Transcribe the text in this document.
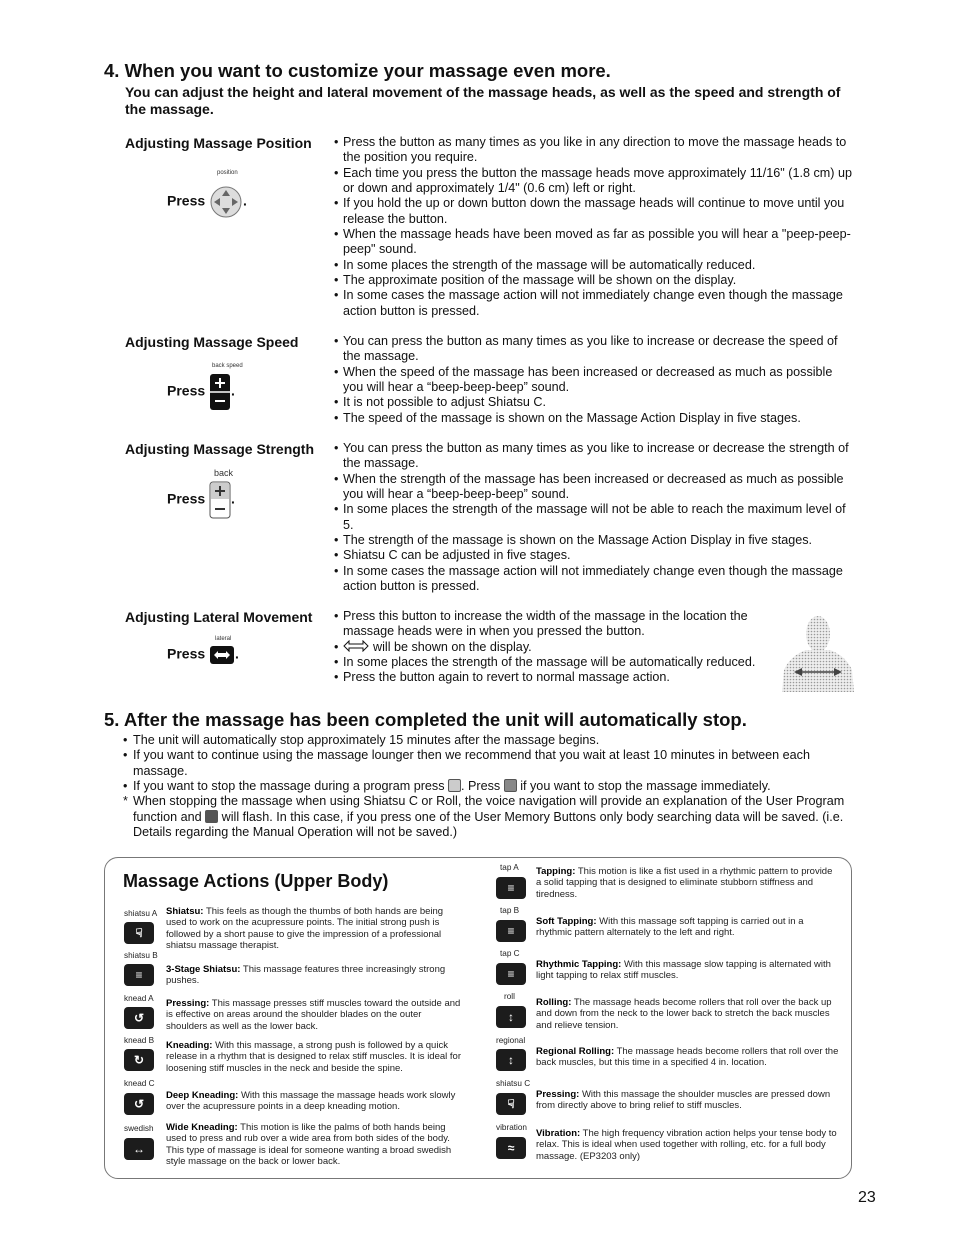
4. When you want to customize your massage even more.

You can adjust the height and lateral movement of the massage heads, as well as the speed and strength of the massage.

Adjusting Massage Position
position
Press	.
• Press the button as many times as you like in any direction to move the massage heads to the position you require.
• Each time you press the button the massage heads move approximately 11/16" (1.8 cm) up or down and approximately 1/4" (0.6 cm) left or right.
• If you hold the up or down button down the massage heads will continue to move until you release the button.
• When the massage heads have been moved as far as possible you will hear a "peep-peep-peep" sound.
• In some places the strength of the massage will be automatically reduced.
• The approximate position of the massage will be shown on the display.
• In some cases the massage action will not immediately change even though the massage action button is pressed.
Adjusting Massage Speed
back speed
Press .
• You can press the button as many times as you like to increase or decrease the speed of the massage.
• When the speed of the massage has been increased or decreased as much as possible you will hear a “beep-beep-beep” sound.
• It is not possible to adjust Shiatsu C.
• The speed of the massage is shown on the Massage Action Display in five stages.
Adjusting Massage Strength
back
Press .
• You can press the button as many times as you like to increase or decrease the strength of the massage.
• When the strength of the massage has been increased or decreased as much as possible you will hear a “beep-beep-beep” sound.
• In some places the strength of the massage will not be able to reach the maximum level of 5.
• The strength of the massage is shown on the Massage Action Display in five stages.
• Shiatsu C can be adjusted in five stages.
• In some cases the massage action will not immediately change even though the massage action button is pressed.
Adjusting Lateral Movement
lateral
Press .
• Press this button to increase the width of the massage in the location the massage heads were in when you pressed the button.
• will be shown on the display.
• In some places the strength of the massage will be automatically reduced.
• Press the button again to revert to normal massage action.
5. After the massage has been completed the unit will automatically stop.
• The unit will automatically stop approximately 15 minutes after the massage begins.
• If you want to continue using the massage lounger then we recommend that you wait at least 10 minutes in between each massage.
• If you want to stop the massage during a program press . Press if you want to stop the massage immediately.
* When stopping the massage when using Shiatsu C or Roll, the voice navigation will provide an explanation of the User Program function and will flash. In this case, if you press one of the User Memory Buttons only body searching data will be saved. (i.e. Details regarding the Manual Operation will not be saved.)
Massage Actions (Upper Body)
shiatsu A
☟
Shiatsu: This feels as though the thumbs of both hands are being used to work on the acupressure points. The initial strong push is followed by a short pause to give the impression of a professional shiatsu massage therapist.
shiatsu B
≡	3-Stage Shiatsu: This massage features three increasingly strong pushes.
knead A
↺
Pressing: This massage presses stiff muscles toward the outside and is effective on areas around the shoulder blades on the outer shoulders as well as the lower back.
knead B
↻
Kneading: With this massage, a strong push is followed by a quick release in a rhythm that is designed to relax stiff muscles. It is ideal for loosening stiff muscles in the neck and beside the spine.
knead C
↺
Deep Kneading: With this massage the massage heads work slowly over the acupressure points in a deep kneading motion.
swedish
↔
Wide Kneading: This motion is like the palms of both hands being used to press and rub over a wide area from both sides of the body. This type of massage is ideal for someone wanting a broad swedish style massage on the back or lower back.
tap A
≡
Tapping: This motion is like a fist used in a rhythmic pattern to provide a solid tapping that is designed to eliminate stubborn stiffness and tiredness.
tap B
≡
Soft Tapping: With this massage soft tapping is carried out in a rhythmic pattern alternately to the left and right.
tap C
≡
Rhythmic Tapping: With this massage slow tapping is alternated with light tapping to relax stiff muscles.
roll
↕
Rolling: The massage heads become rollers that roll over the back up and down from the neck to the lower back to stretch the back muscles and relieve tension.
regional
↕
Regional Rolling: The massage heads become rollers that roll over the back muscles, but this time in a specified 4 in. location.
shiatsu C
☟
Pressing: With this massage the shoulder muscles are pressed down from directly above to bring relief to stiff muscles.
vibration
≈
Vibration: The high frequency vibration action helps your tense body to relax. This is ideal when used together with rolling, etc. for a full body massage. (EP3203 only)
23
